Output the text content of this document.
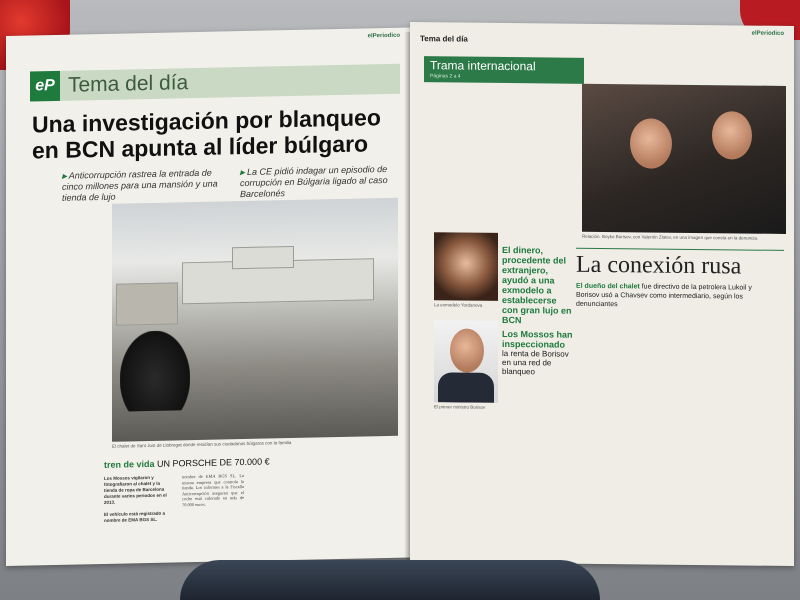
elPeriodico
eP Tema del día
Una investigación por blanqueo
en BCN apunta al líder búlgaro
▸ Anticorrupción rastrea la entrada de cinco millones para una mansión y una tienda de lujo
▸ La CE pidió indagar un episodio de corrupción en Búlgaria ligado al caso Barcelonés
El chalet de Sant Just de Llobregat donde residían sus ciudadanos búlgaros con la familia
tren de vida UN PORSCHE DE 70.000 €
Los Mossos vigilaron y fotografiaron al chalet y la tienda de ropa de Barcelona durante varios periodos en el 2013.

El vehículo está registrado a nombre de EMA BGS SL.
nombre de EMA BGS SL. La misma empresa que controla la tienda. Los informes a la Fiscalía Anticorrupción aseguran que el coche está valorado en más de 70.000 euros.
Tema del día
elPeriodico
Trama internacional
Páginas 2 a 4
Relación. Boyko Borisov, con Valentín Zlatev, en una imagen que consta en la denuncia.
La exmodelo Yordanova
El dinero, procedente del extranjero, ayudó a una exmodelo a establecerse con gran lujo en BCN
El primer ministro Borisov
Los Mossos han inspeccionado
la renta de Borisov en una red de blanqueo
La conexión rusa
El dueño del chalet fue directivo de la petrolera Lukoil y Borisov usó a Chavsev como intermediario, según los denunciantes
